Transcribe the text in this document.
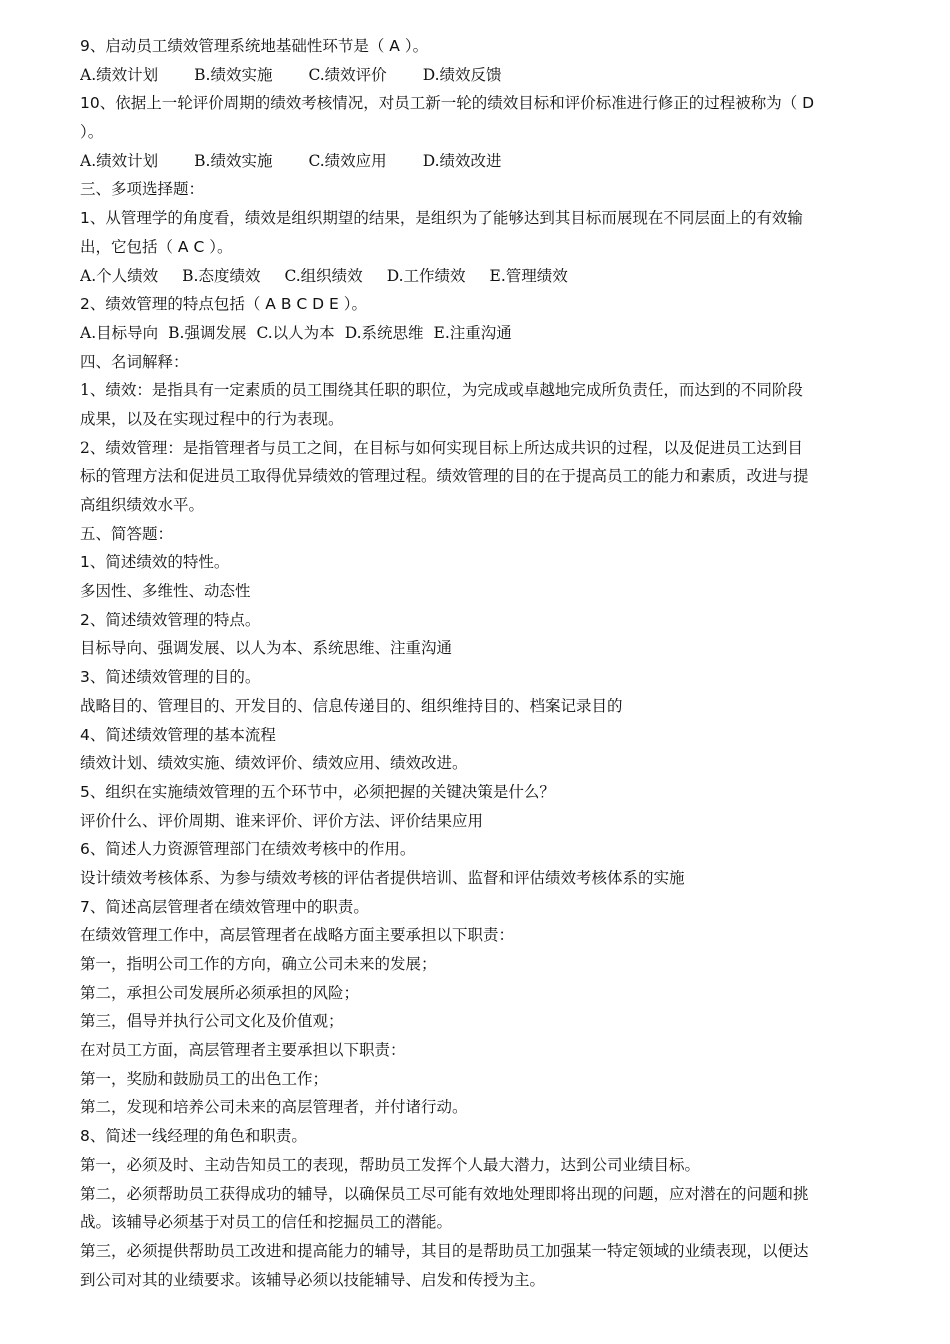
9、启动员工绩效管理系统地基础性环节是（ A ）。
A.绩效计划 B.绩效实施 C.绩效评价 D.绩效反馈
10、依据上一轮评价周期的绩效考核情况，对员工新一轮的绩效目标和评价标准进行修正的过程被称为（ D
）。
A.绩效计划 B.绩效实施 C.绩效应用 D.绩效改进
三、多项选择题：
1、从管理学的角度看，绩效是组织期望的结果，是组织为了能够达到其目标而展现在不同层面上的有效输
出，它包括（ A C ）。
A.个人绩效 B.态度绩效 C.组织绩效 D.工作绩效 E.管理绩效
2、绩效管理的特点包括（ A B C D E ）。
A.目标导向 B.强调发展 C.以人为本 D.系统思维 E.注重沟通
四、名词解释：
1、绩效：是指具有一定素质的员工围绕其任职的职位，为完成或卓越地完成所负责任，而达到的不同阶段
成果，以及在实现过程中的行为表现。
2、绩效管理：是指管理者与员工之间，在目标与如何实现目标上所达成共识的过程，以及促进员工达到目
标的管理方法和促进员工取得优异绩效的管理过程。绩效管理的目的在于提高员工的能力和素质，改进与提
高组织绩效水平。
五、简答题：
1、简述绩效的特性。
多因性、多维性、动态性
2、简述绩效管理的特点。
目标导向、强调发展、以人为本、系统思维、注重沟通
3、简述绩效管理的目的。
战略目的、管理目的、开发目的、信息传递目的、组织维持目的、档案记录目的
4、简述绩效管理的基本流程
绩效计划、绩效实施、绩效评价、绩效应用、绩效改进。
5、组织在实施绩效管理的五个环节中，必须把握的关键决策是什么？
评价什么、评价周期、谁来评价、评价方法、评价结果应用
6、简述人力资源管理部门在绩效考核中的作用。
设计绩效考核体系、为参与绩效考核的评估者提供培训、监督和评估绩效考核体系的实施
7、简述高层管理者在绩效管理中的职责。
在绩效管理工作中，高层管理者在战略方面主要承担以下职责：
第一，指明公司工作的方向，确立公司未来的发展；
第二，承担公司发展所必须承担的风险；
第三，倡导并执行公司文化及价值观；
在对员工方面，高层管理者主要承担以下职责：
第一，奖励和鼓励员工的出色工作；
第二，发现和培养公司未来的高层管理者，并付诸行动。
8、简述一线经理的角色和职责。
第一，必须及时、主动告知员工的表现，帮助员工发挥个人最大潜力，达到公司业绩目标。
第二，必须帮助员工获得成功的辅导，以确保员工尽可能有效地处理即将出现的问题，应对潜在的问题和挑
战。该辅导必须基于对员工的信任和挖掘员工的潜能。
第三，必须提供帮助员工改进和提高能力的辅导，其目的是帮助员工加强某一特定领域的业绩表现，以便达
到公司对其的业绩要求。该辅导必须以技能辅导、启发和传授为主。
